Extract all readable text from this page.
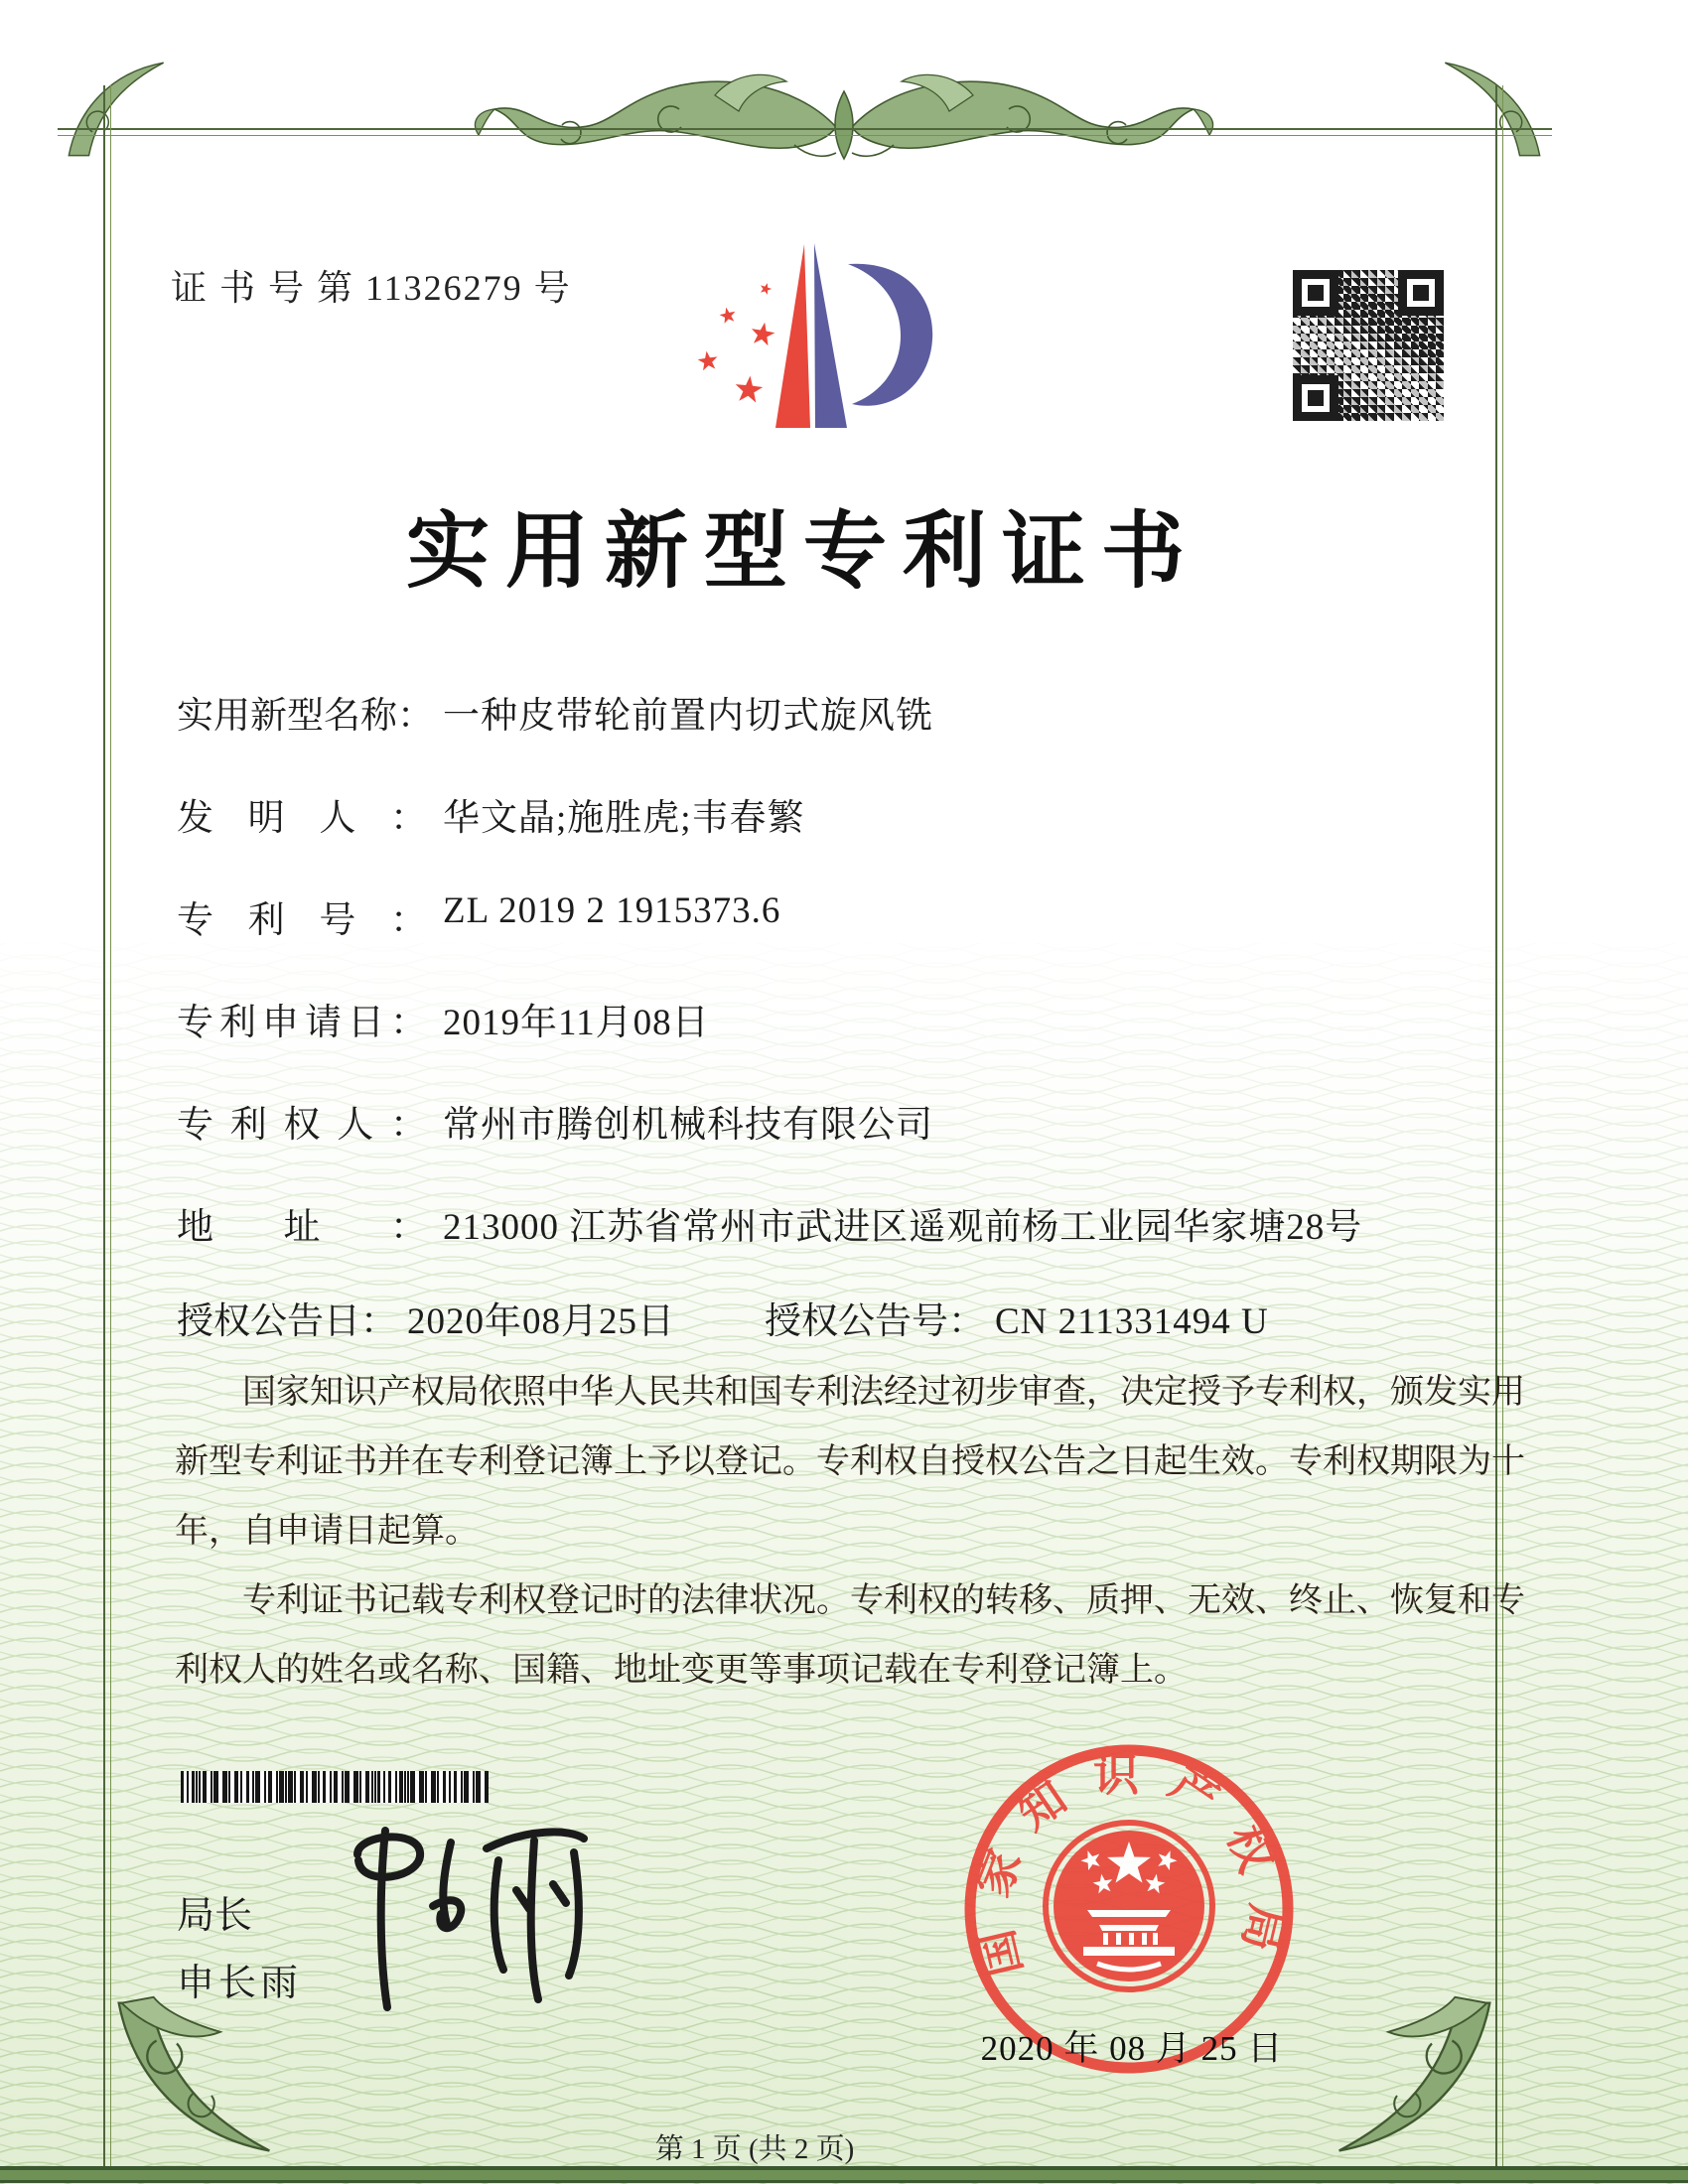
证 书 号 第 11326279 号
实用新型专利证书
实用新型名称： 一种皮带轮前置内切式旋风铣
发明人： 华文晶;施胜虎;韦春繁
专利号： ZL 2019 2 1915373.6
专利申请日： 2019年11月08日
专利权人： 常州市腾创机械科技有限公司
地址： 213000 江苏省常州市武进区遥观前杨工业园华家塘28号
授权公告日： 2020年08月25日 授权公告号： CN 211331494 U

国家知识产权局依照中华人民共和国专利法经过初步审查，决定授予专利权，颁发实用新型专利证书并在专利登记簿上予以登记。专利权自授权公告之日起生效。专利权期限为十年，自申请日起算。

专利证书记载专利权登记时的法律状况。专利权的转移、质押、无效、终止、恢复和专利权人的姓名或名称、国籍、地址变更等事项记载在专利登记簿上。

局长
申长雨
国家知识产权局
2020 年 08 月 25 日
第 1 页 (共 2 页)
